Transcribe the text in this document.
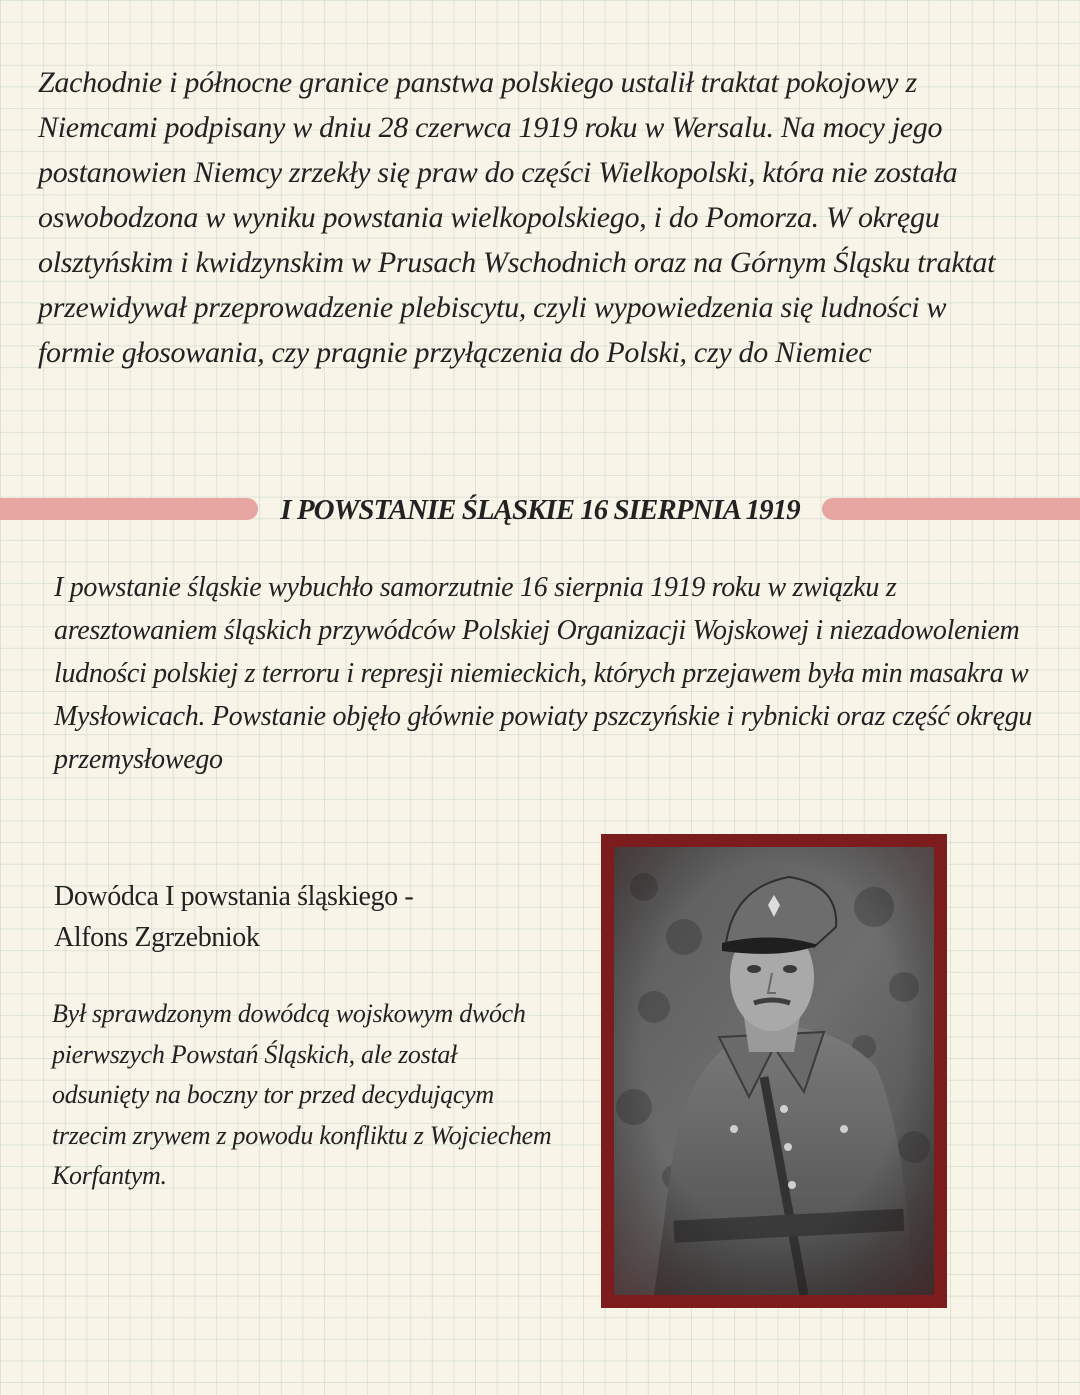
Zachodnie i północne granice panstwa polskiego ustalił traktat pokojowy z Niemcami podpisany w dniu 28 czerwca 1919 roku w Wersalu. Na mocy jego postanowien Niemcy zrzekły się praw do części Wielkopolski, która nie została oswobodzona w wyniku powstania wielkopolskiego, i do Pomorza. W okręgu olsztyńskim i kwidzynskim w Prusach Wschodnich oraz na Górnym Śląsku traktat przewidywał przeprowadzenie plebiscytu, czyli wypowiedzenia się ludności w formie głosowania, czy pragnie przyłączenia do Polski, czy do Niemiec

I POWSTANIE ŚLĄSKIE 16 SIERPNIA 1919

I powstanie śląskie wybuchło samorzutnie 16 sierpnia 1919 roku w związku z aresztowaniem śląskich przywódców Polskiej Organizacji Wojskowej i niezadowoleniem ludności polskiej z terroru i represji niemieckich, których przejawem była min masakra w Mysłowicach. Powstanie objęło głównie powiaty pszczyńskie i rybnicki oraz część okręgu przemysłowego

Dowódca I powstania śląskiego -
Alfons Zgrzebniok

Był sprawdzonym dowódcą wojskowym dwóch pierwszych Powstań Śląskich, ale został odsunięty na boczny tor przed decydującym trzecim zrywem z powodu konfliktu z Wojciechem Korfantym.
